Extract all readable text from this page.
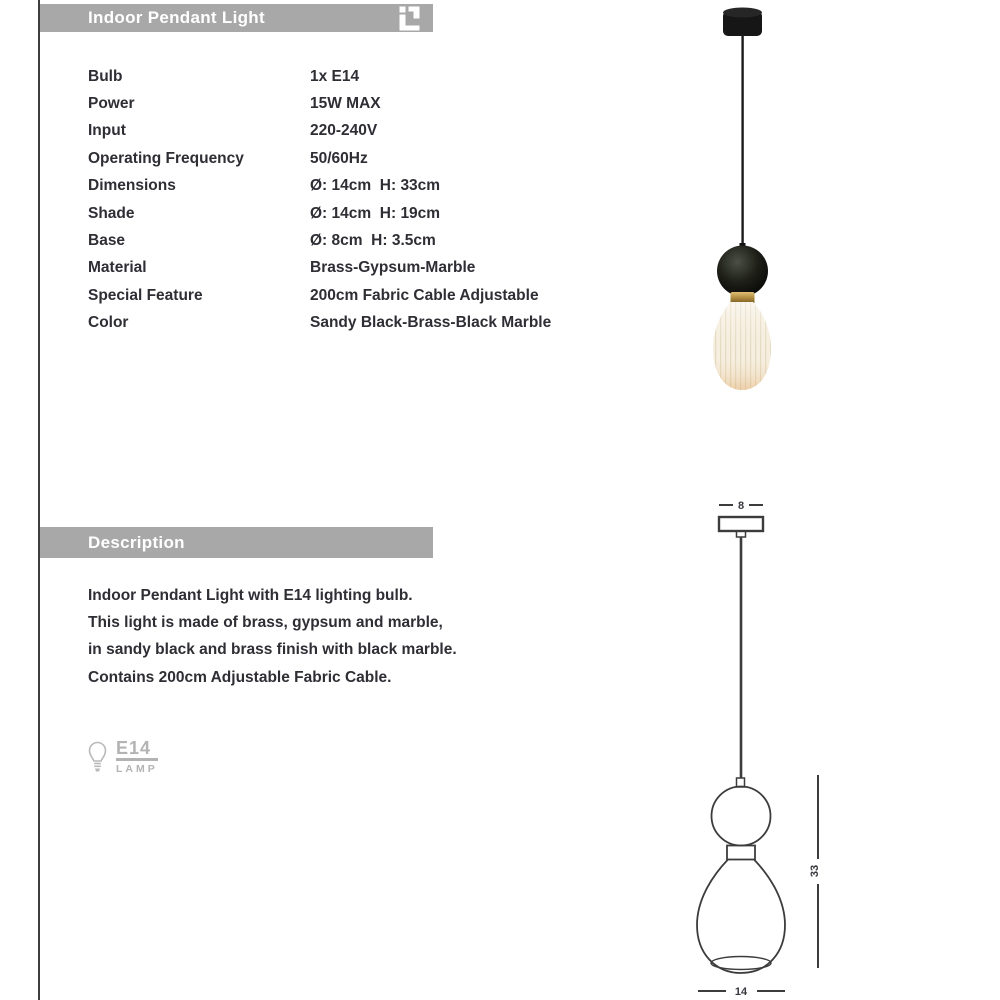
Indoor Pendant Light
Bulb	1x E14
Power	15W MAX
Input	220-240V
Operating Frequency	50/60Hz
Dimensions	Ø: 14cm  H: 33cm
Shade	Ø: 14cm  H: 19cm
Base	Ø: 8cm  H: 3.5cm
Material	Brass-Gypsum-Marble
Special Feature	200cm Fabric Cable Adjustable
Color	Sandy Black-Brass-Black Marble
Description
Indoor Pendant Light with E14 lighting bulb.
This light is made of brass, gypsum and marble,
in sandy black and brass finish with black marble.
Contains 200cm Adjustable Fabric Cable.
E14
LAMP
8
33
14
